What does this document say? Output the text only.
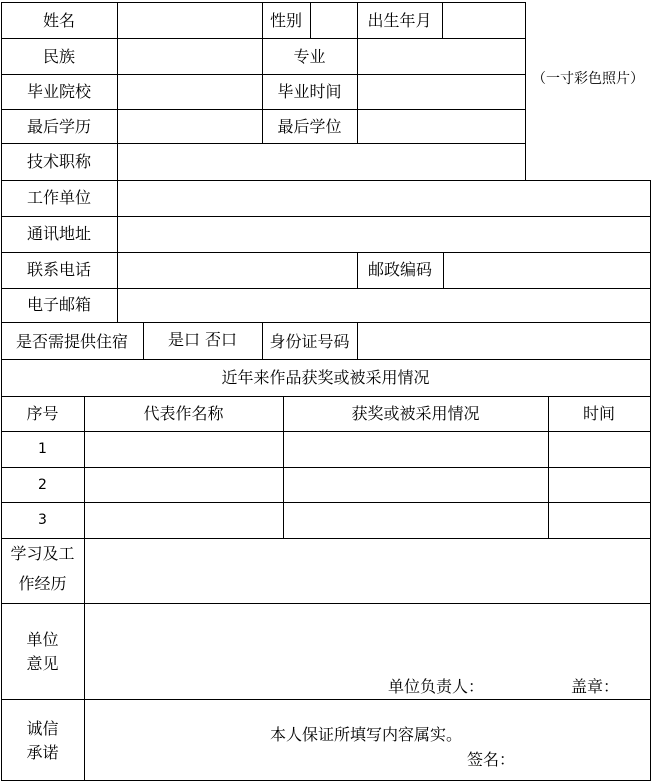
姓名	性别	出生年月
（一寸彩色照片）
民族	专业
毕业院校	毕业时间
最后学历	最后学位
技术职称
工作单位
通讯地址
联系电话	邮政编码
电子邮箱
是否需提供住宿	是口 否口	身份证号码
近年来作品获奖或被采用情况
序号	代表作名称	获奖或被采用情况	时间
1
2
3
学习及工
作经历
单位
意见
单位负责人：	盖章：
诚信
承诺
本人保证所填写内容属实。
签名：
